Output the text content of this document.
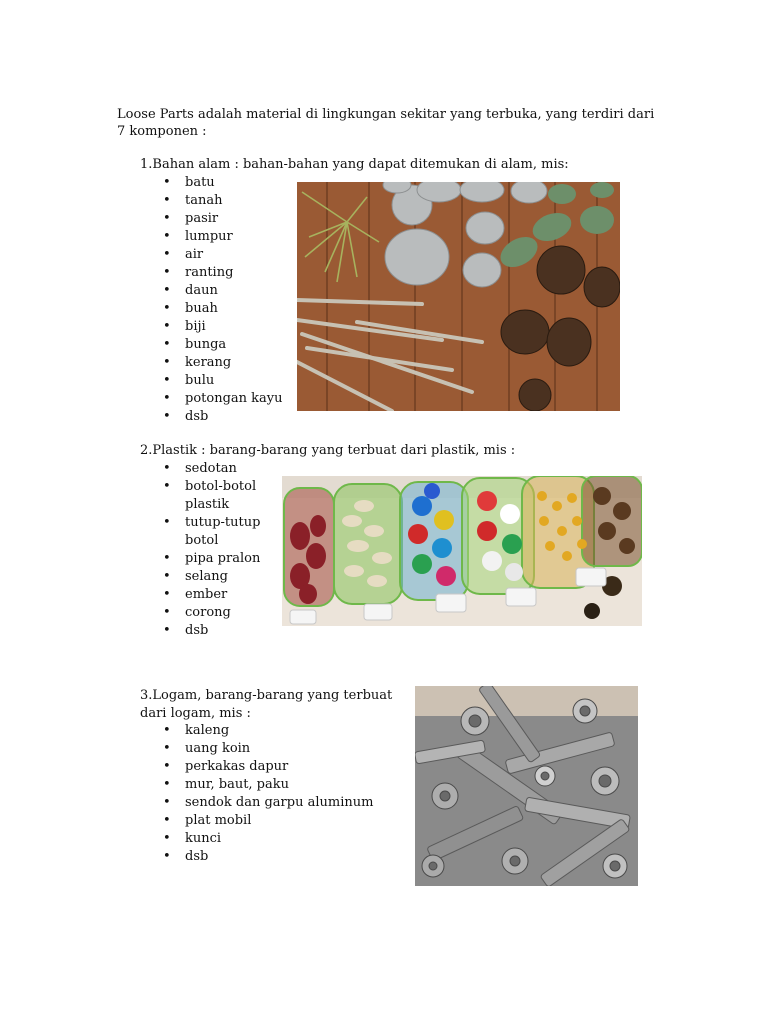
Loose Parts adalah material di lingkungan sekitar yang terbuka, yang terdiri dari 7 komponen :

1.Bahan alam : bahan-bahan yang dapat ditemukan di alam, mis:

• batu
• tanah
• pasir
• lumpur
• air
• ranting
• daun
• buah
• biji
• bunga
• kerang
• bulu
• potongan kayu
• dsb

2.Plastik : barang-barang yang terbuat dari plastik, mis :

• sedotan
• botol-botol plastik
• tutup-tutup botol
• pipa pralon
• selang
• ember
• corong
• dsb

3.Logam, barang-barang yang terbuat dari logam, mis :

• kaleng
• uang koin
• perkakas dapur
• mur, baut, paku
• sendok dan garpu aluminum
• plat mobil
• kunci
• dsb
